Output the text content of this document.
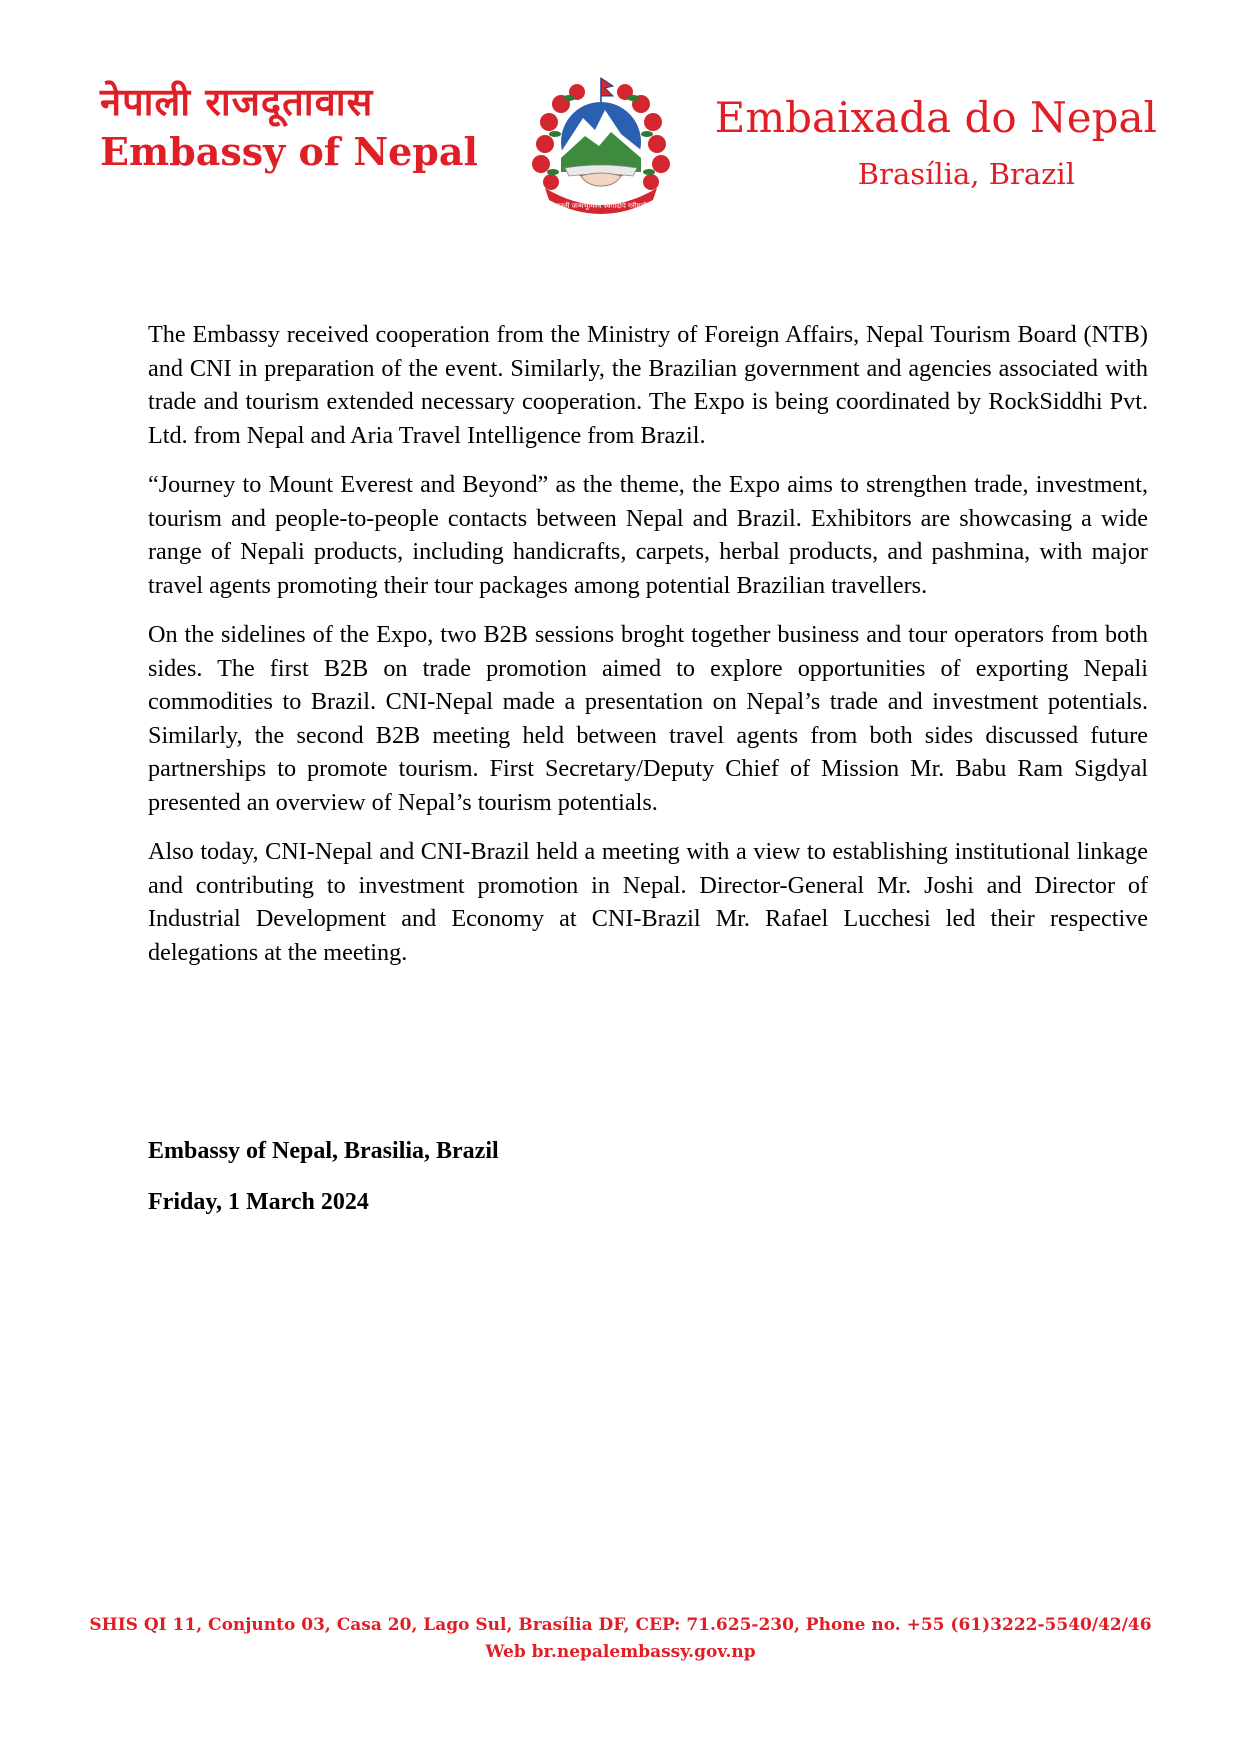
नेपाली राजदूतावास
Embassy of Nepal
जननी जन्मभूमिश्च स्वर्गादपि गरीयसी
Embaixada do Nepal
Brasília, Brazil

The Embassy received cooperation from the Ministry of Foreign Affairs, Nepal Tourism Board (NTB) and CNI in preparation of the event. Similarly, the Brazilian government and agencies associated with trade and tourism extended necessary cooperation. The Expo is being coordinated by RockSiddhi Pvt. Ltd. from Nepal and Aria Travel Intelligence from Brazil.

“Journey to Mount Everest and Beyond” as the theme, the Expo aims to strengthen trade, investment, tourism and people-to-people contacts between Nepal and Brazil. Exhibitors are showcasing a wide range of Nepali products, including handicrafts, carpets, herbal products, and pashmina, with major travel agents promoting their tour packages among potential Brazilian travellers.

On the sidelines of the Expo, two B2B sessions broght together business and tour operators from both sides. The first B2B on trade promotion aimed to explore opportunities of exporting Nepali commodities to Brazil. CNI-Nepal made a presentation on Nepal’s trade and investment potentials. Similarly, the second B2B meeting held between travel agents from both sides discussed future partnerships to promote tourism. First Secretary/Deputy Chief of Mission Mr. Babu Ram Sigdyal presented an overview of Nepal’s tourism potentials.

Also today, CNI-Nepal and CNI-Brazil held a meeting with a view to establishing institutional linkage and contributing to investment promotion in Nepal. Director-General Mr. Joshi and Director of Industrial Development and Economy at CNI-Brazil Mr. Rafael Lucchesi led their respective delegations at the meeting.

Embassy of Nepal, Brasilia, Brazil
Friday, 1 March 2024
SHIS QI 11, Conjunto 03, Casa 20, Lago Sul, Brasília DF, CEP: 71.625-230, Phone no. +55 (61)3222-5540/42/46
Web br.nepalembassy.gov.np
